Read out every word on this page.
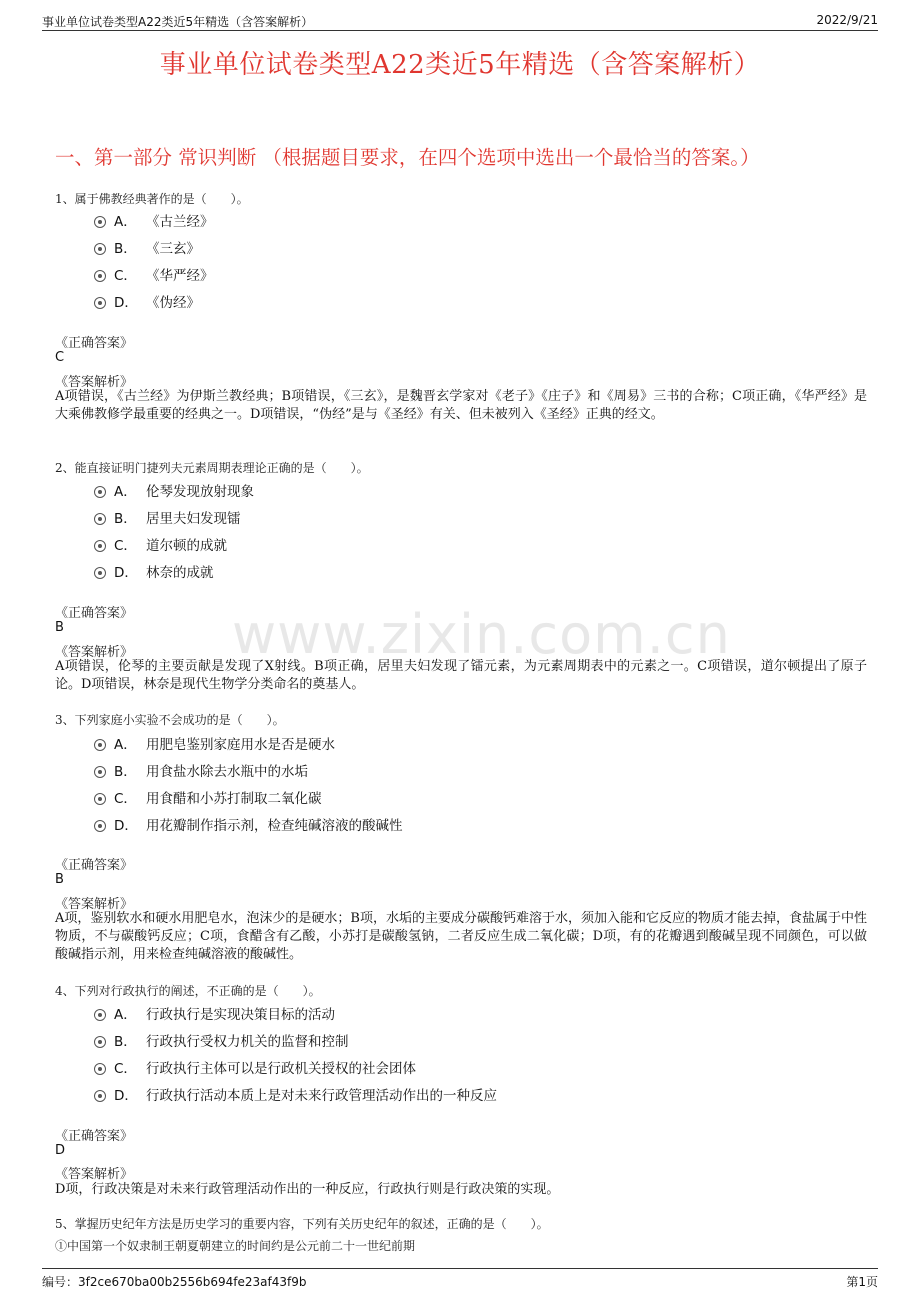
事业单位试卷类型A22类近5年精选（含答案解析）	2022/9/21
事业单位试卷类型A22类近5年精选（含答案解析）
一、第一部分 常识判断 （根据题目要求，在四个选项中选出一个最恰当的答案。）
www.zixin.com.cn
1、属于佛教经典著作的是（　　）。
A． 《古兰经》
B． 《三玄》
C． 《华严经》
D． 《伪经》
《正确答案》
C
《答案解析》
A项错误，《古兰经》为伊斯兰教经典；B项错误，《三玄》，是魏晋玄学家对《老子》《庄子》和《周易》三书的合称；C项正确，《华严经》是大乘佛教修学最重要的经典之一。D项错误，“伪经”是与《圣经》有关、但未被列入《圣经》正典的经文。
2、能直接证明门捷列夫元素周期表理论正确的是（　　）。
A． 伦琴发现放射现象
B． 居里夫妇发现镭
C． 道尔顿的成就
D． 林奈的成就
《正确答案》
B
《答案解析》
A项错误，伦琴的主要贡献是发现了X射线。B项正确，居里夫妇发现了镭元素，为元素周期表中的元素之一。C项错误，道尔顿提出了原子论。D项错误，林奈是现代生物学分类命名的奠基人。
3、下列家庭小实验不会成功的是（　　）。
A． 用肥皂鉴别家庭用水是否是硬水
B． 用食盐水除去水瓶中的水垢
C． 用食醋和小苏打制取二氧化碳
D． 用花瓣制作指示剂，检查纯碱溶液的酸碱性
《正确答案》
B
《答案解析》
A项，鉴别软水和硬水用肥皂水，泡沫少的是硬水；B项，水垢的主要成分碳酸钙难溶于水，须加入能和它反应的物质才能去掉，食盐属于中性物质，不与碳酸钙反应；C项，食醋含有乙酸，小苏打是碳酸氢钠，二者反应生成二氧化碳；D项，有的花瓣遇到酸碱呈现不同颜色，可以做酸碱指示剂，用来检查纯碱溶液的酸碱性。
4、下列对行政执行的阐述，不正确的是（　　）。
A． 行政执行是实现决策目标的活动
B． 行政执行受权力机关的监督和控制
C． 行政执行主体可以是行政机关授权的社会团体
D． 行政执行活动本质上是对未来行政管理活动作出的一种反应
《正确答案》
D
《答案解析》
D项，行政决策是对未来行政管理活动作出的一种反应，行政执行则是行政决策的实现。
5、掌握历史纪年方法是历史学习的重要内容，下列有关历史纪年的叙述，正确的是（　　）。
①中国第一个奴隶制王朝夏朝建立的时间约是公元前二十一世纪前期
编号：3f2ce670ba00b2556b694fe23af43f9b	第1页
